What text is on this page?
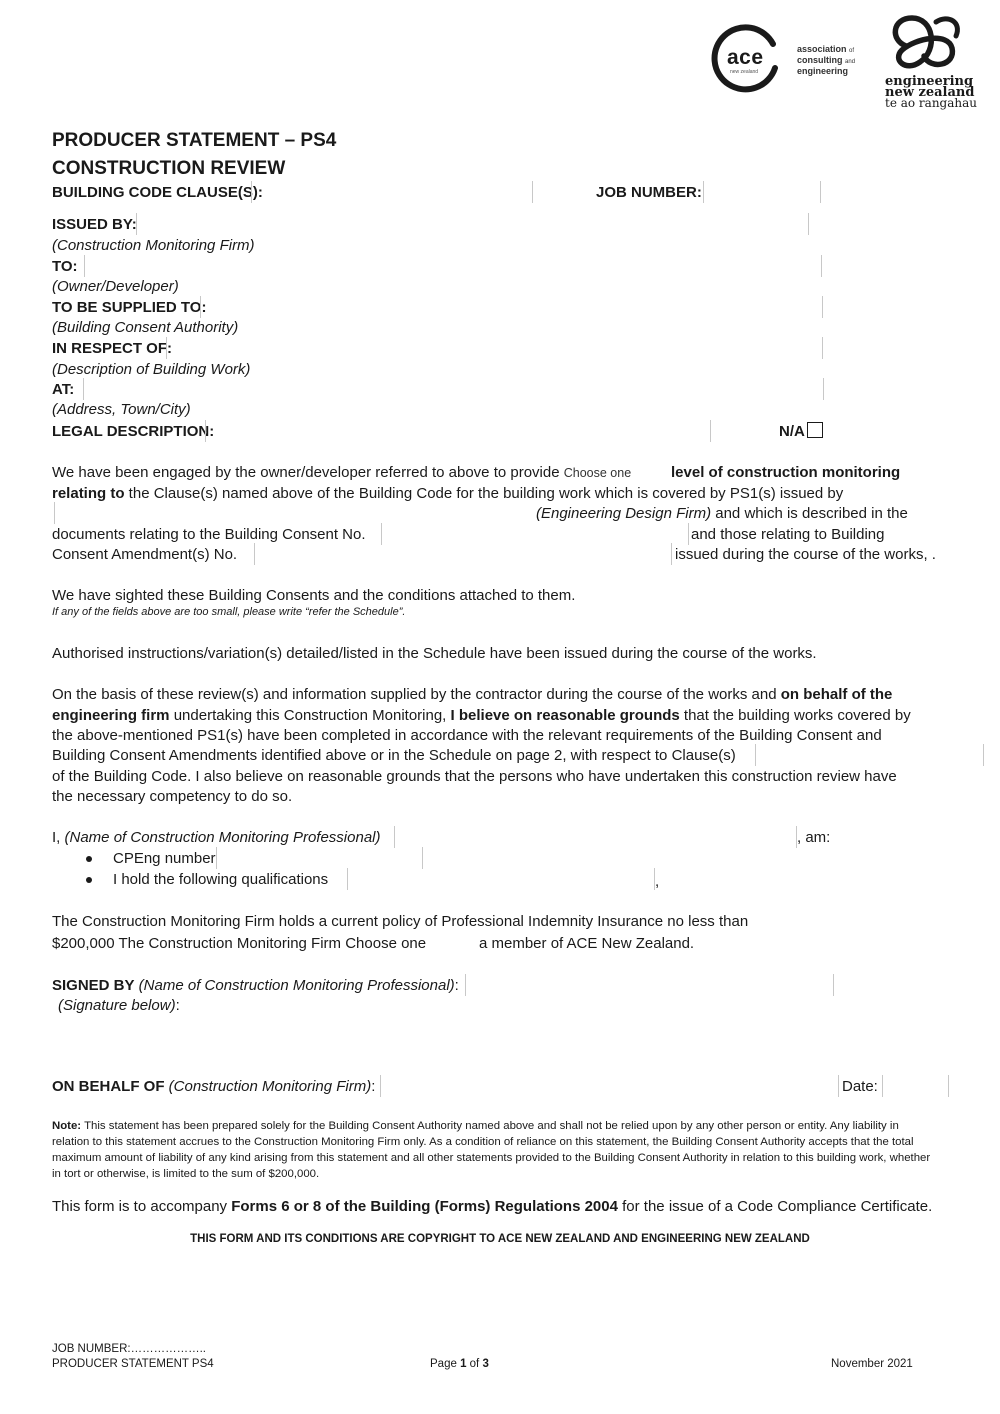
ace
new zealand
association of
consulting and
engineering
engineering
new zealand
te ao rangahau
PRODUCER STATEMENT – PS4
CONSTRUCTION REVIEW
BUILDING CODE CLAUSE(S):	JOB NUMBER:
ISSUED BY:
(Construction Monitoring Firm)
TO:
(Owner/Developer)
TO BE SUPPLIED TO:
(Building Consent Authority)
IN RESPECT OF:
(Description of Building Work)
AT:
(Address, Town/City)
LEGAL DESCRIPTION:	N/A
We have been engaged by the owner/developer referred to above to provide Choose one	level of construction monitoring
relating to the Clause(s) named above of the Building Code for the building work which is covered by PS1(s) issued by
(Engineering Design Firm) and which is described in the
documents relating to the Building Consent No.	and those relating to Building
Consent Amendment(s) No.	issued during the course of the works, .
We have sighted these Building Consents and the conditions attached to them.
If any of the fields above are too small, please write “refer the Schedule”.
Authorised instructions/variation(s) detailed/listed in the Schedule have been issued during the course of the works.
On the basis of these review(s) and information supplied by the contractor during the course of the works and on behalf of the
engineering firm undertaking this Construction Monitoring, I believe on reasonable grounds that the building works covered by
the above-mentioned PS1(s) have been completed in accordance with the relevant requirements of the Building Consent and
Building Consent Amendments identified above or in the Schedule on page 2, with respect to Clause(s)
of the Building Code. I also believe on reasonable grounds that the persons who have undertaken this construction review have
the necessary competency to do so.
I, (Name of Construction Monitoring Professional)	, am:
CPEng number
I hold the following qualifications	,
The Construction Monitoring Firm holds a current policy of Professional Indemnity Insurance no less than
$200,000 The Construction Monitoring Firm Choose one	a member of ACE New Zealand.
SIGNED BY (Name of Construction Monitoring Professional):
(Signature below):
ON BEHALF OF (Construction Monitoring Firm):	Date:
Note: This statement has been prepared solely for the Building Consent Authority named above and shall not be relied upon by any other person or entity. Any liability in relation to this statement accrues to the Construction Monitoring Firm only. As a condition of reliance on this statement, the Building Consent Authority accepts that the total maximum amount of liability of any kind arising from this statement and all other statements provided to the Building Consent Authority in relation to this building work, whether in tort or otherwise, is limited to the sum of $200,000.
This form is to accompany Forms 6 or 8 of the Building (Forms) Regulations 2004 for the issue of a Code Compliance Certificate.
THIS FORM AND ITS CONDITIONS ARE COPYRIGHT TO ACE NEW ZEALAND AND ENGINEERING NEW ZEALAND
JOB NUMBER:………………..
PRODUCER STATEMENT PS4	Page 1 of 3	November 2021
